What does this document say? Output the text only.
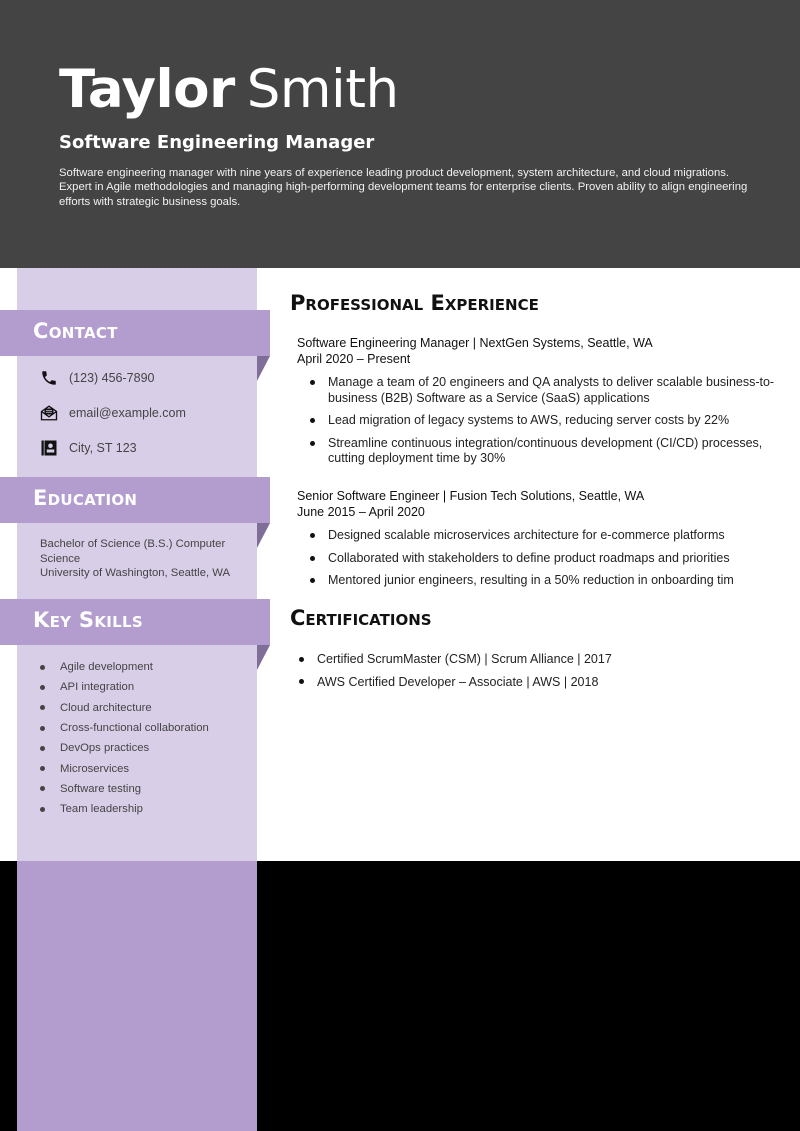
Taylor Smith
Software Engineering Manager
Software engineering manager with nine years of experience leading product development, system architecture, and cloud migrations. Expert in Agile methodologies and managing high-performing development teams for enterprise clients. Proven ability to align engineering efforts with strategic business goals.
Contact
(123) 456-7890
email@example.com
City, ST 123
Education
Bachelor of Science (B.S.) Computer Science
University of Washington, Seattle, WA
Key Skills
Agile development
API integration
Cloud architecture
Cross-functional collaboration
DevOps practices
Microservices
Software testing
Team leadership
Professional Experience
Software Engineering Manager | NextGen Systems, Seattle, WA
April 2020 – Present
Manage a team of 20 engineers and QA analysts to deliver scalable business-to-business (B2B) Software as a Service (SaaS) applications
Lead migration of legacy systems to AWS, reducing server costs by 22%
Streamline continuous integration/continuous development (CI/CD) processes, cutting deployment time by 30%
Senior Software Engineer | Fusion Tech Solutions, Seattle, WA
June 2015 – April 2020
Designed scalable microservices architecture for e-commerce platforms
Collaborated with stakeholders to define product roadmaps and priorities
Mentored junior engineers, resulting in a 50% reduction in onboarding tim
Certifications
Certified ScrumMaster (CSM) | Scrum Alliance | 2017
AWS Certified Developer – Associate | AWS | 2018
